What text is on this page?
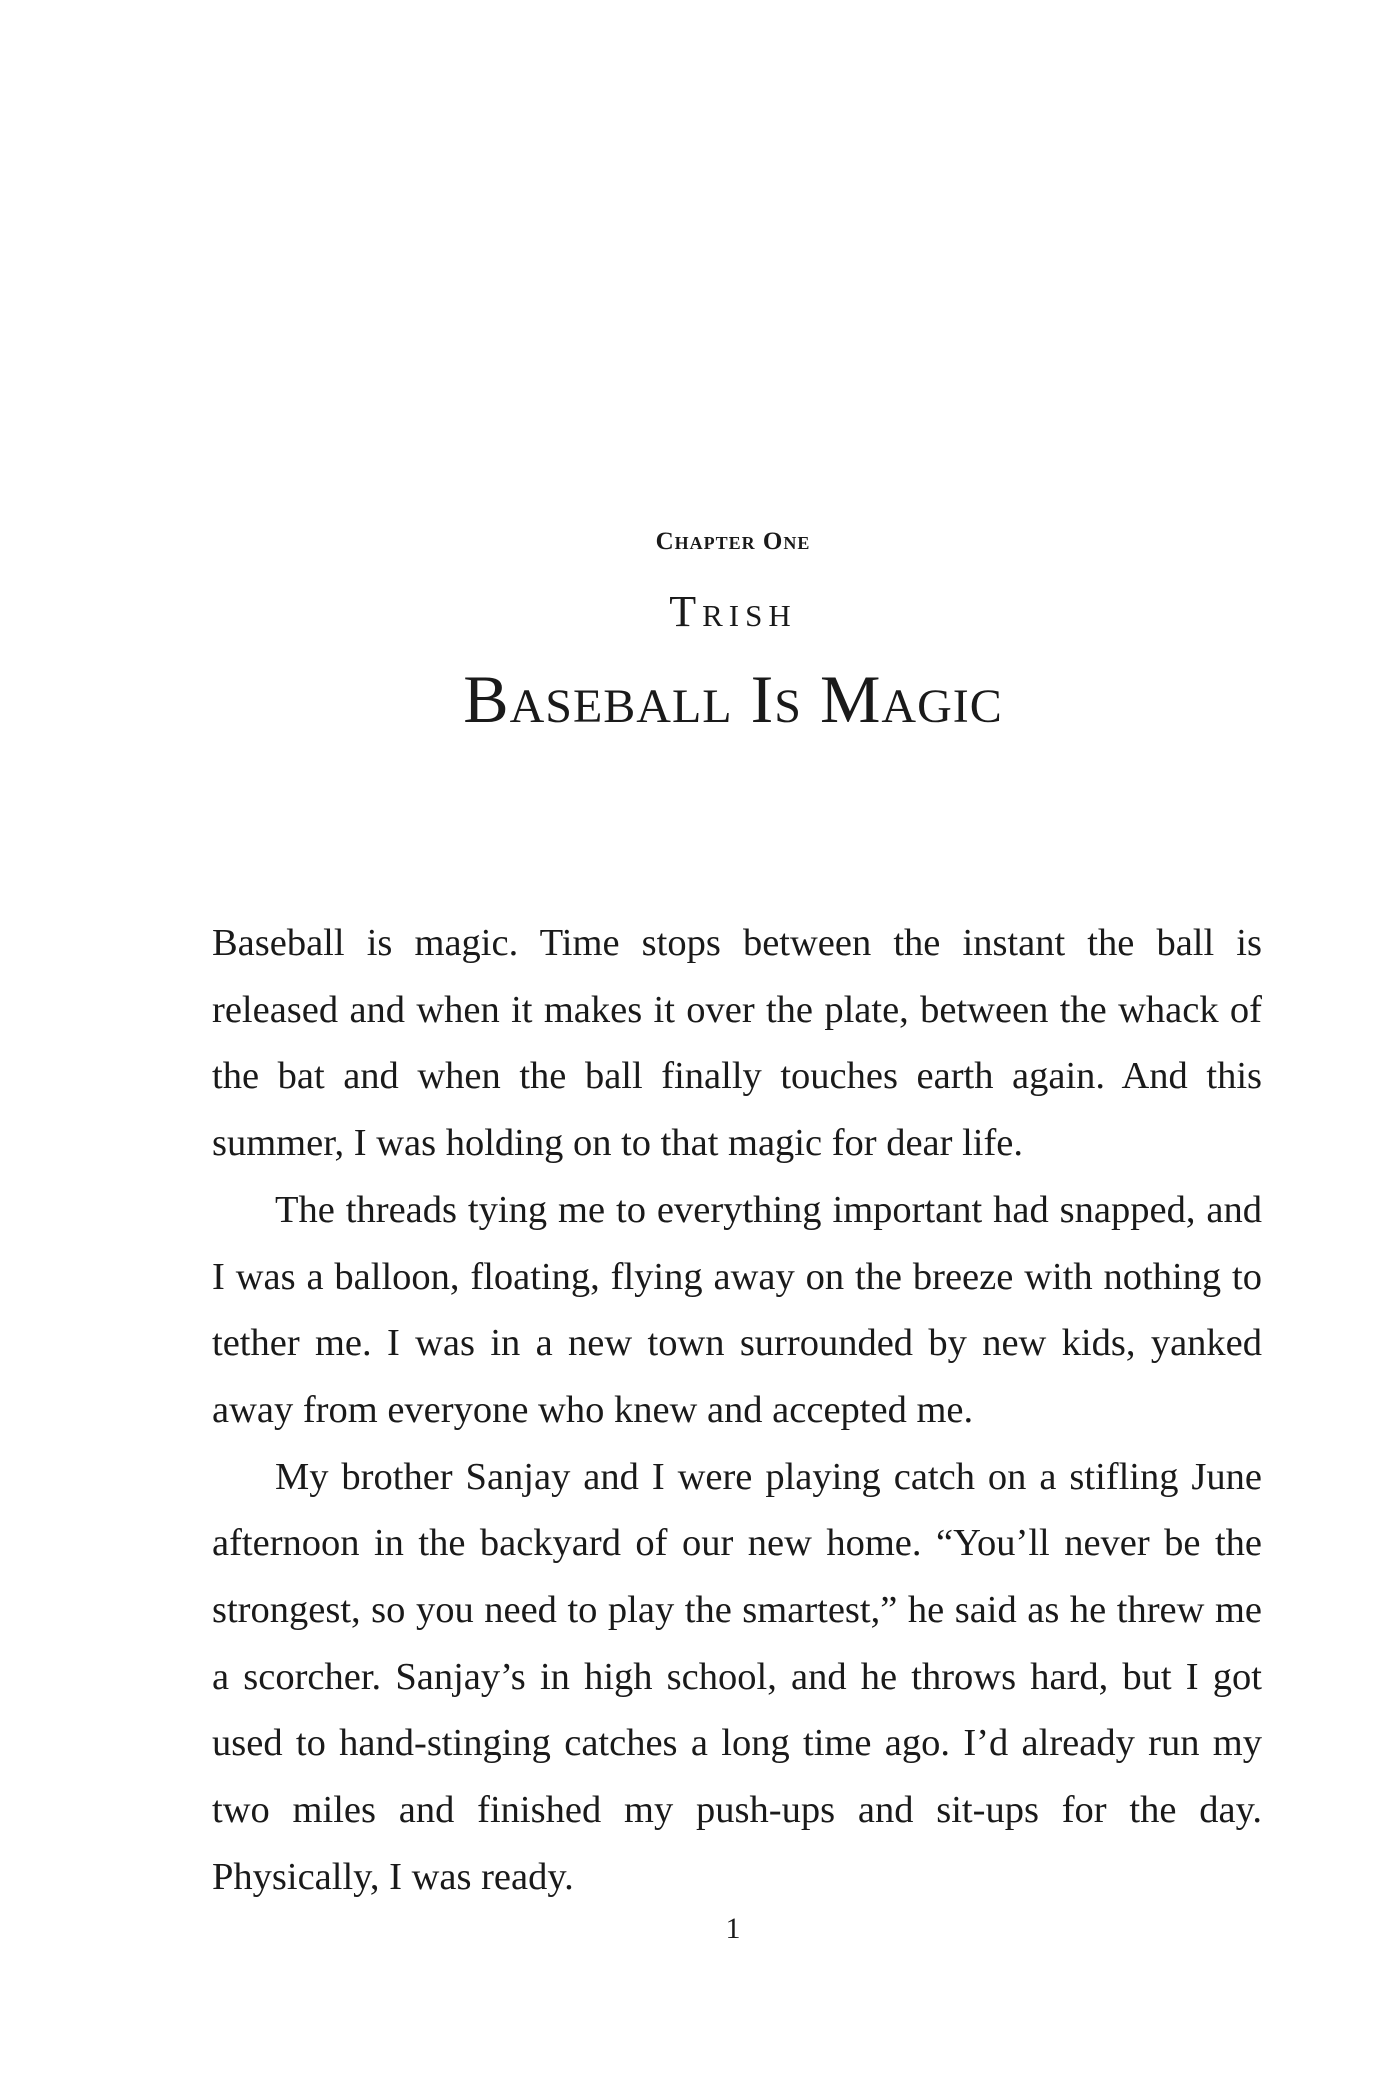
Chapter One
Trish
Baseball Is Magic

Baseball is magic. Time stops between the instant the ball is released and when it makes it over the plate, between the whack of the bat and when the ball finally touches earth again. And this summer, I was holding on to that magic for dear life.

The threads tying me to everything important had snapped, and I was a balloon, floating, flying away on the breeze with nothing to tether me. I was in a new town surrounded by new kids, yanked away from everyone who knew and accepted me.

My brother Sanjay and I were playing catch on a stifling June afternoon in the backyard of our new home. “You’ll never be the strongest, so you need to play the smartest,” he said as he threw me a scorcher. Sanjay’s in high school, and he throws hard, but I got used to hand-stinging catches a long time ago. I’d already run my two miles and finished my push-ups and sit-ups for the day. Physically, I was ready.

1
